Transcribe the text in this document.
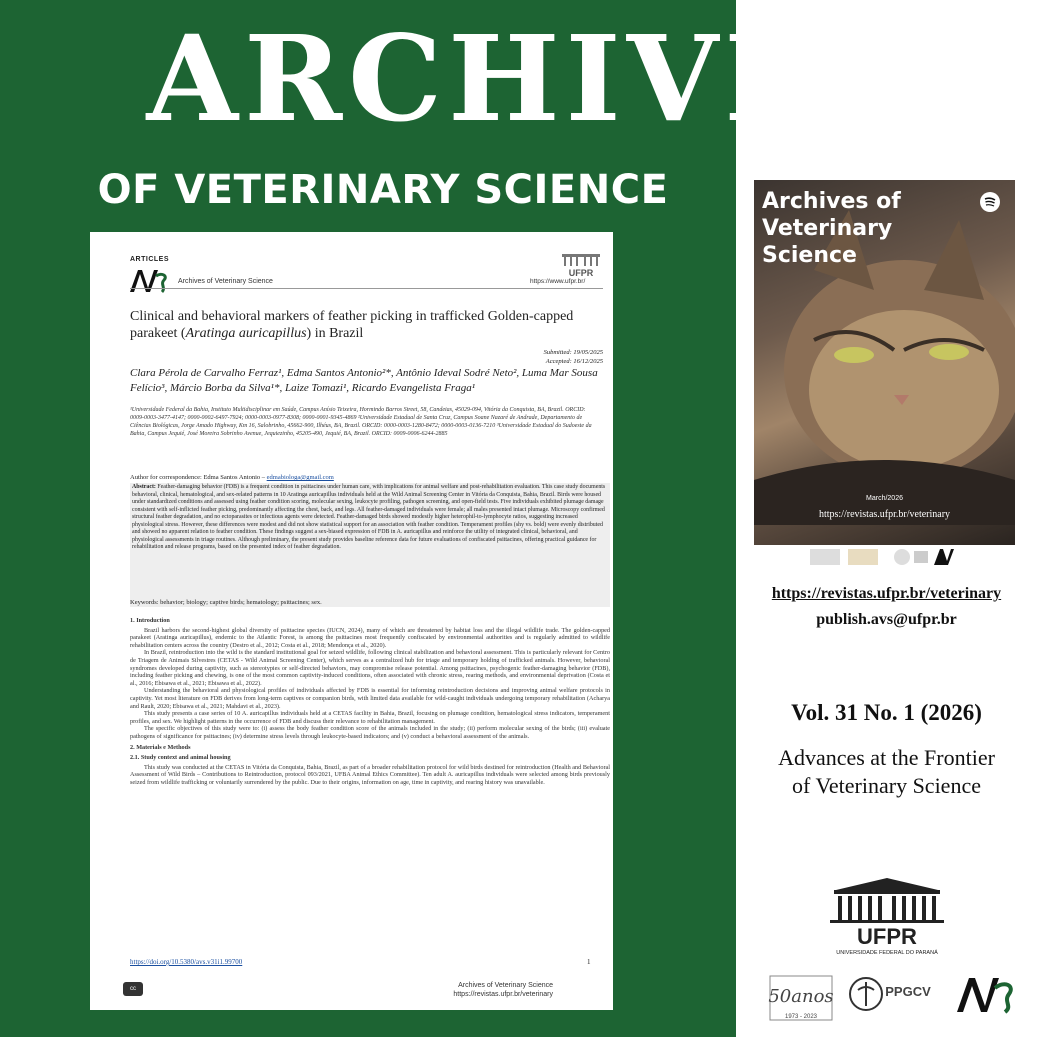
ARCHIVES
OF VETERINARY SCIENCE
ARTICLES
Archives of Veterinary Science
UFPR
https://www.ufpr.br/
Clinical and behavioral markers of feather picking in trafficked Golden-capped parakeet (Aratinga auricapillus) in Brazil
Submitted: 19/05/2025
Accepted: 16/12/2025
Clara Pérola de Carvalho Ferraz¹, Edma Santos Antonio²*, Antônio Ideval Sodré Neto², Luma Mar Sousa Felício³, Márcio Borba da Silva¹*, Laize Tomazi¹, Ricardo Evangelista Fraga¹
¹Universidade Federal da Bahia, Instituto Multidisciplinar em Saúde, Campus Anísio Teixeira, Hormindo Barros Street, 58, Candeias, 45029-094, Vitória da Conquista, BA, Brazil. ORCID: 0009-0003-3477-4147; 0000-0002-6497-7924; 0000-0003-0977-8308; 0000-0001-9345-4869 ²Universidade Estadual de Santa Cruz, Campus Soane Nazaré de Andrade, Departamento de Ciências Biológicas, Jorge Amado Highway, Km 16, Salobrinho, 45662-900, Ilhéus, BA, Brazil. ORCID: 0000-0003-1280-8472; 0000-0003-0136-7210 ³Universidade Estadual do Sudoeste da Bahia, Campus Jequié, José Moreira Sobrinho Avenue, Jequiezinho, 45205-490, Jequié, BA, Brazil. ORCID: 0009-0006-6244-2885
Author for correspondence: Edma Santos Antonio – edmabiologa@gmail.com
Abstract: Feather-damaging behavior (FDB) is a frequent condition in psittacines under human care, with implications for animal welfare and post-rehabilitation evaluation. This case study documents behavioral, clinical, hematological, and sex-related patterns in 10 Aratinga auricapillus individuals held at the Wild Animal Screening Center in Vitória da Conquista, Bahia, Brazil. Birds were housed under standardized conditions and assessed using feather condition scoring, molecular sexing, leukocyte profiling, pathogen screening, and open-field tests. Five individuals exhibited plumage damage consistent with self-inflicted feather picking, predominantly affecting the chest, back, and legs. All feather-damaged individuals were female; all males presented intact plumage. Microscopy confirmed structural feather degradation, and no ectoparasites or infectious agents were detected. Feather-damaged birds showed modestly higher heterophil-to-lymphocyte ratios, suggesting increased physiological stress. However, these differences were modest and did not show statistical support for an association with feather condition. Temperament profiles (shy vs. bold) were evenly distributed and showed no apparent relation to feather condition. These findings suggest a sex-biased expression of FDB in A. auricapillus and reinforce the utility of integrated clinical, behavioral, and physiological assessments in triage routines. Although preliminary, the present study provides baseline reference data for future evaluations of confiscated psittacines, offering practical guidance for rehabilitation and release programs, based on the presented index of feather degradation.
Keywords: behavior; biology; captive birds; hematology; psittacines; sex.
1. Introduction
Brazil harbors the second-highest global diversity of psittacine species (IUCN, 2024), many of which are threatened by habitat loss and the illegal wildlife trade. The golden-capped parakeet (Aratinga auricapillus), endemic to the Atlantic Forest, is among the psittacines most frequently confiscated by environmental authorities and is regularly admitted to wildlife rehabilitation centers across the country (Destro et al., 2012; Costa et al., 2018; Mendonça et al., 2020).
In Brazil, reintroduction into the wild is the standard institutional goal for seized wildlife, following clinical stabilization and behavioral assessment. This is particularly relevant for Centro de Triagem de Animais Silvestres (CETAS - Wild Animal Screening Center), which serves as a centralized hub for triage and temporary holding of trafficked animals. However, behavioral syndromes developed during captivity, such as stereotypies or self-directed behaviors, may compromise release potential. Among psittacines, psychogenic feather-damaging behavior (FDB), including feather picking and chewing, is one of the most common captivity-induced conditions, often associated with chronic stress, rearing methods, and environmental deprivation (Costa et al., 2016; Ebisawa et al., 2021; Ebisawa et al., 2022).
Understanding the behavioral and physiological profiles of individuals affected by FDB is essential for informing reintroduction decisions and improving animal welfare protocols in captivity. Yet most literature on FDB derives from long-term captives or companion birds, with limited data available for wild-caught individuals undergoing temporary rehabilitation (Acharya and Rault, 2020; Ebisawa et al., 2021; Mahdavi et al., 2023).
This study presents a case series of 10 A. auricapillus individuals held at a CETAS facility in Bahia, Brazil, focusing on plumage condition, hematological stress indicators, temperament profiles, and sex. We highlight patterns in the occurrence of FDB and discuss their relevance to rehabilitation management.
The specific objectives of this study were to: (i) assess the body feather condition score of the animals included in the study; (ii) perform molecular sexing of the birds; (iii) evaluate pathogens of significance for psittacines; (iv) determine stress levels through leukocyte-based indicators; and (v) conduct a behavioral assessment of the animals.
2. Materials e Methods
2.1. Study context and animal housing
This study was conducted at the CETAS in Vitória da Conquista, Bahia, Brazil, as part of a broader rehabilitation protocol for wild birds destined for reintroduction (Health and Behavioral Assessment of Wild Birds – Contributions to Reintroduction, protocol 093/2021, UFBA Animal Ethics Committee). Ten adult A. auricapillus individuals were selected among birds previously seized from wildlife trafficking or voluntarily surrendered by the public. Due to their origins, information on age, time in captivity, and rearing history was unavailable.
https://doi.org/10.5380/avs.v31i1.99700	1
cc	Archives of Veterinary Science
https://revistas.ufpr.br/veterinary
Archives of
Veterinary
Science
March/2026
https://revistas.ufpr.br/veterinary
https://revistas.ufpr.br/veterinary
publish.avs@ufpr.br
Vol. 31 No. 1 (2026)
Advances at the Frontier
of Veterinary Science
UFPR
UNIVERSIDADE FEDERAL DO PARANÁ
50anos
1973 - 2023
PPGCV
